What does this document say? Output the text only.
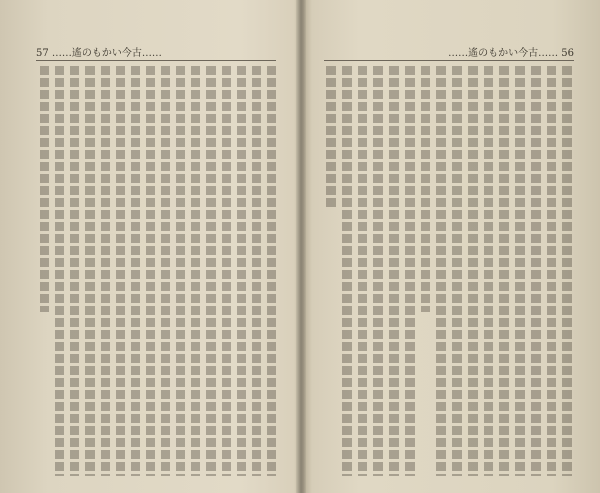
57 ……遙のもかい今古……	……遙のもかい今古…… 56
